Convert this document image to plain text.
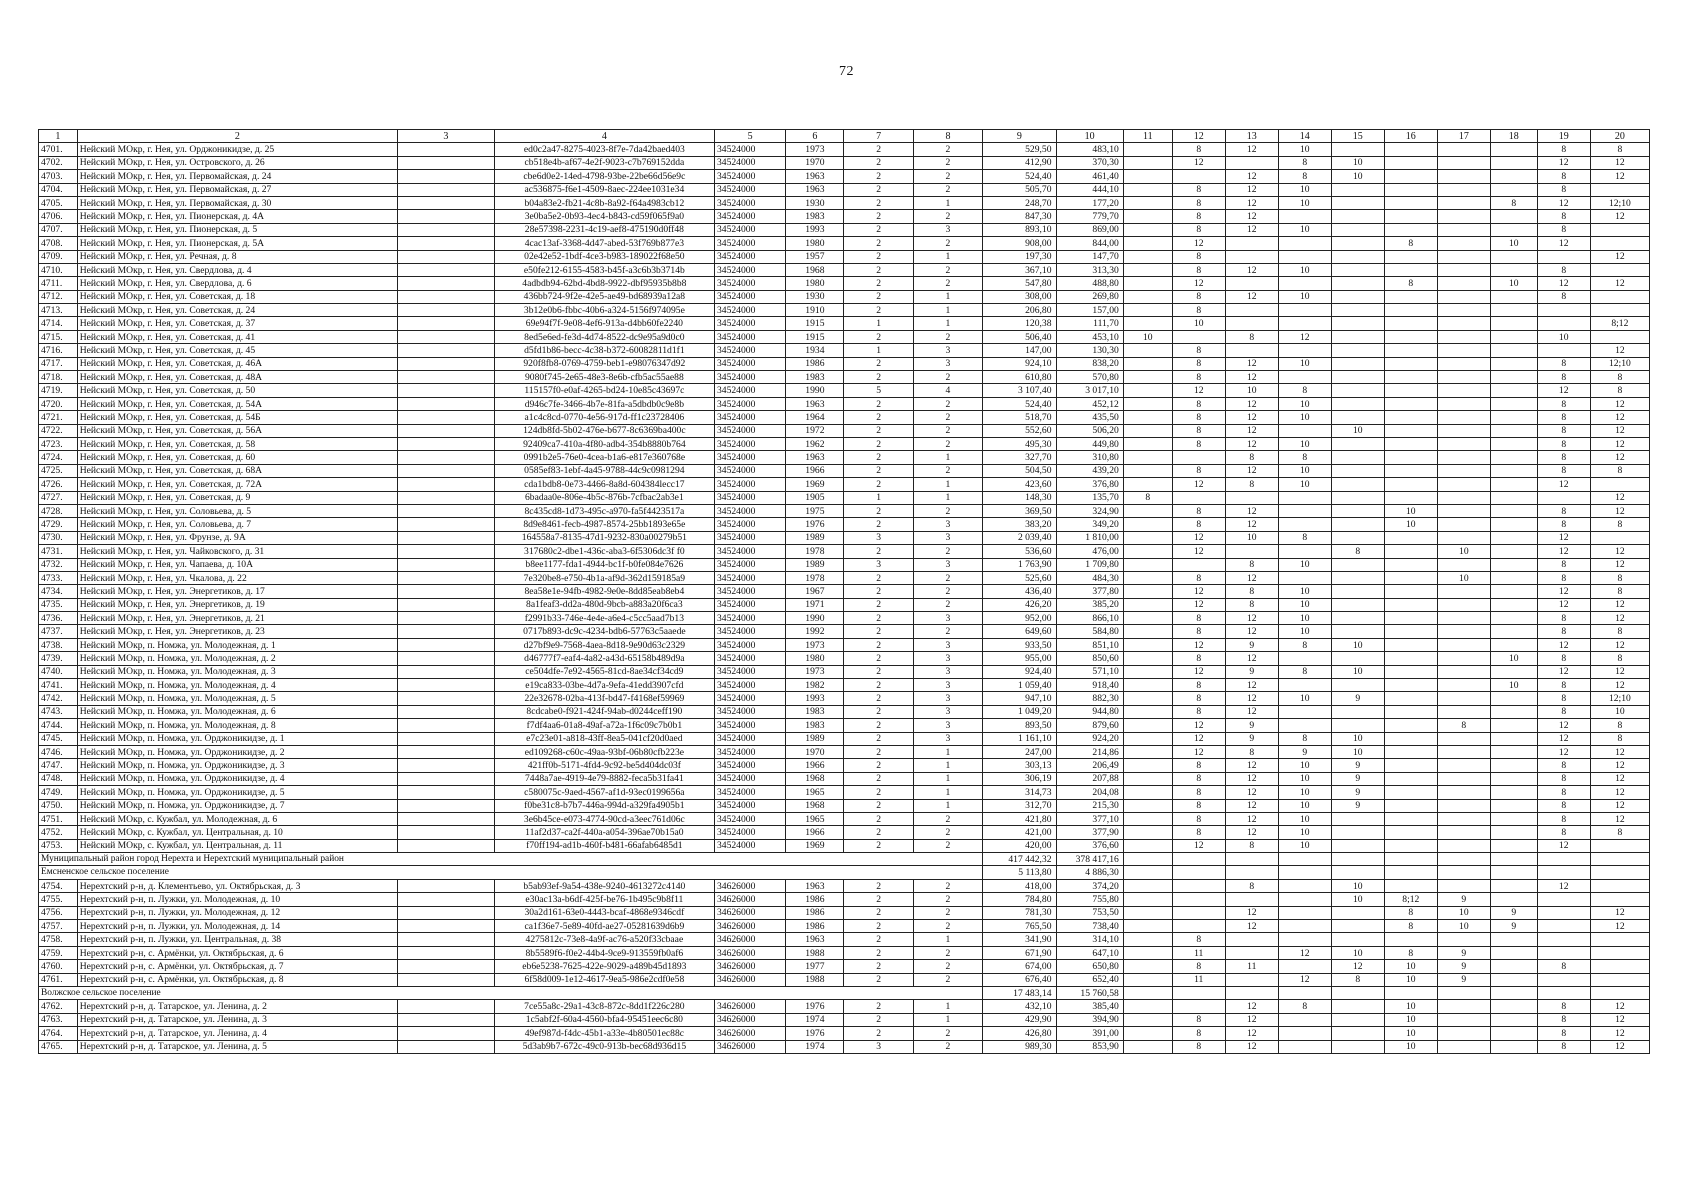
72
1	2	3	4	5	6	7	8	9	10	11	12	13	14	15	16	17	18	19	20
4701.	Нейский МОкр, г. Нея, ул. Орджоникидзе, д. 25		ed0c2a47-8275-4023-8f7e-7da42baed403	34524000	1973	2	2	529,50	483,10		8	12	10					8	8
4702.	Нейский МОкр, г. Нея, ул. Островского, д. 26		cb518e4b-af67-4e2f-9023-c7b769152dda	34524000	1970	2	2	412,90	370,30		12		8	10				12	12
4703.	Нейский МОкр, г. Нея, ул. Первомайская, д. 24		cbe6d0e2-14ed-4798-93be-22be66d56e9c	34524000	1963	2	2	524,40	461,40			12	8	10				8	12
4704.	Нейский МОкр, г. Нея, ул. Первомайская, д. 27		ac536875-f6e1-4509-8aec-224ee1031e34	34524000	1963	2	2	505,70	444,10		8	12	10					8	
4705.	Нейский МОкр, г. Нея, ул. Первомайская, д. 30		b04a83e2-fb21-4c8b-8a92-f64a4983cb12	34524000	1930	2	1	248,70	177,20		8	12	10				8	12	12;10
4706.	Нейский МОкр, г. Нея, ул. Пионерская, д. 4А		3e0ba5e2-0b93-4ec4-b843-cd59f065f9a0	34524000	1983	2	2	847,30	779,70		8	12						8	12
4707.	Нейский МОкр, г. Нея, ул. Пионерская, д. 5		28e57398-2231-4c19-aef8-475190d0ff48	34524000	1993	2	3	893,10	869,00		8	12	10					8	
4708.	Нейский МОкр, г. Нея, ул. Пионерская, д. 5А		4cac13af-3368-4d47-abed-53f769b877e3	34524000	1980	2	2	908,00	844,00		12				8		10	12	
4709.	Нейский МОкр, г. Нея, ул. Речная, д. 8		02e42e52-1bdf-4ce3-b983-189022f68e50	34524000	1957	2	1	197,30	147,70		8								12
4710.	Нейский МОкр, г. Нея, ул. Свердлова, д. 4		e50fe212-6155-4583-b45f-a3c6b3b3714b	34524000	1968	2	2	367,10	313,30		8	12	10					8	
4711.	Нейский МОкр, г. Нея, ул. Свердлова, д. 6		4adbdb94-62bd-4bd8-9922-dbf95935b8b8	34524000	1980	2	2	547,80	488,80		12				8		10	12	12
4712.	Нейский МОкр, г. Нея, ул. Советская, д. 18		436bb724-9f2e-42e5-ae49-bd68939a12a8	34524000	1930	2	1	308,00	269,80		8	12	10					8	
4713.	Нейский МОкр, г. Нея, ул. Советская, д. 24		3b12e0b6-fbbc-40b6-a324-5156f974095e	34524000	1910	2	1	206,80	157,00		8								
4714.	Нейский МОкр, г. Нея, ул. Советская, д. 37		69e94f7f-9e08-4ef6-913a-d4bb60fe2240	34524000	1915	1	1	120,38	111,70		10								8;12
4715.	Нейский МОкр, г. Нея, ул. Советская, д. 41		8ed5e6ed-fe3d-4d74-8522-dc9e95a9d0c0	34524000	1915	2	2	506,40	453,10	10		8	12					10	
4716.	Нейский МОкр, г. Нея, ул. Советская, д. 45		d5fd1b86-becc-4c38-b372-60082811d1f1	34524000	1934	1	3	147,00	130,30		8								12
4717.	Нейский МОкр, г. Нея, ул. Советская, д. 46А		920f8fb8-0769-4759-beb1-e98076347d92	34524000	1986	2	3	924,10	838,20		8	12	10					8	12;10
4718.	Нейский МОкр, г. Нея, ул. Советская, д. 48А		9080f745-2e65-48e3-8e6b-cfb5ac55ae88	34524000	1983	2	2	610,80	570,80		8	12						8	8
4719.	Нейский МОкр, г. Нея, ул. Советская, д. 50		115157f0-e0af-4265-bd24-10e85c43697c	34524000	1990	5	4	3 107,40	3 017,10		12	10	8					12	8
4720.	Нейский МОкр, г. Нея, ул. Советская, д. 54А		d946c7fe-3466-4b7e-81fa-a5dbdb0c9e8b	34524000	1963	2	2	524,40	452,12		8	12	10					8	12
4721.	Нейский МОкр, г. Нея, ул. Советская, д. 54Б		a1c4c8cd-0770-4e56-917d-ff1c23728406	34524000	1964	2	2	518,70	435,50		8	12	10					8	12
4722.	Нейский МОкр, г. Нея, ул. Советская, д. 56А		124db8fd-5b02-476e-b677-8c6369ba400c	34524000	1972	2	2	552,60	506,20		8	12		10				8	12
4723.	Нейский МОкр, г. Нея, ул. Советская, д. 58		92409ca7-410a-4f80-adb4-354b8880b764	34524000	1962	2	2	495,30	449,80		8	12	10					8	12
4724.	Нейский МОкр, г. Нея, ул. Советская, д. 60		0991b2e5-76e0-4cea-b1a6-e817e360768e	34524000	1963	2	1	327,70	310,80			8	8					8	12
4725.	Нейский МОкр, г. Нея, ул. Советская, д. 68А		0585ef83-1ebf-4a45-9788-44c9c0981294	34524000	1966	2	2	504,50	439,20		8	12	10					8	8
4726.	Нейский МОкр, г. Нея, ул. Советская, д. 72А		cda1bdb8-0e73-4466-8a8d-604384lecc17	34524000	1969	2	1	423,60	376,80		12	8	10					12	
4727.	Нейский МОкр, г. Нея, ул. Советская, д. 9		6badaa0e-806e-4b5c-876b-7cfbac2ab3e1	34524000	1905	1	1	148,30	135,70	8									12
4728.	Нейский МОкр, г. Нея, ул. Соловьева, д. 5		8c435cd8-1d73-495c-a970-fa5f4423517a	34524000	1975	2	2	369,50	324,90		8	12			10			8	12
4729.	Нейский МОкр, г. Нея, ул. Соловьева, д. 7		8d9e8461-fecb-4987-8574-25bb1893e65e	34524000	1976	2	3	383,20	349,20		8	12			10			8	8
4730.	Нейский МОкр, г. Нея, ул. Фрунзе, д. 9А		164558a7-8135-47d1-9232-830a00279b51	34524000	1989	3	3	2 039,40	1 810,00		12	10	8					12	
4731.	Нейский МОкр, г. Нея, ул. Чайковского, д. 31		317680c2-dbe1-436c-aba3-6f5306dc3f f0	34524000	1978	2	2	536,60	476,00		12			8		10		12	12
4732.	Нейский МОкр, г. Нея, ул. Чапаева, д. 10А		b8ee1177-fda1-4944-bc1f-b0fe084e7626	34524000	1989	3	3	1 763,90	1 709,80			8	10					8	12
4733.	Нейский МОкр, г. Нея, ул. Чкалова, д. 22		7e320be8-e750-4b1a-af9d-362d159185a9	34524000	1978	2	2	525,60	484,30		8	12				10		8	8
4734.	Нейский МОкр, г. Нея, ул. Энергетиков, д. 17		8ea58e1e-94fb-4982-9e0e-8dd85eab8eb4	34524000	1967	2	2	436,40	377,80		12	8	10					12	8
4735.	Нейский МОкр, г. Нея, ул. Энергетиков, д. 19		8a1feaf3-dd2a-480d-9bcb-a883a20f6ca3	34524000	1971	2	2	426,20	385,20		12	8	10					12	12
4736.	Нейский МОкр, г. Нея, ул. Энергетиков, д. 21		f2991b33-746e-4e4e-a6e4-c5cc5aad7b13	34524000	1990	2	3	952,00	866,10		8	12	10					8	12
4737.	Нейский МОкр, г. Нея, ул. Энергетиков, д. 23		0717b893-dc9c-4234-bdb6-57763c5aaede	34524000	1992	2	2	649,60	584,80		8	12	10					8	8
4738.	Нейский МОкр, п. Номжа, ул. Молодежная, д. 1		d27bf9e9-7568-4aea-8d18-9e90d63c2329	34524000	1973	2	3	933,50	851,10		12	9	8	10				12	12
4739.	Нейский МОкр, п. Номжа, ул. Молодежная, д. 2		d46777f7-eaf4-4a82-a43d-65158b489d9a	34524000	1980	2	3	955,00	850,60		8	12					10	8	8
4740.	Нейский МОкр, п. Номжа, ул. Молодежная, д. 3		ce504dfe-7e92-4565-81cd-8ae34cf34cd9	34524000	1973	2	3	924,40	571,10		12	9	8	10				12	12
4741.	Нейский МОкр, п. Номжа, ул. Молодежная, д. 4		e19ca833-03be-4d7a-9efa-41edd3907cfd	34524000	1982	2	3	1 059,40	918,40		8	12					10	8	12
4742.	Нейский МОкр, п. Номжа, ул. Молодежная, д. 5		22e32678-02ba-413f-bd47-f4168ef59969	34524000	1993	2	3	947,10	882,30		8	12	10	9				8	12;10
4743.	Нейский МОкр, п. Номжа, ул. Молодежная, д. 6		8cdcabe0-f921-424f-94ab-d0244ceff190	34524000	1983	2	3	1 049,20	944,80		8	12						8	10
4744.	Нейский МОкр, п. Номжа, ул. Молодежная, д. 8		f7df4aa6-01a8-49af-a72a-1f6c09c7b0b1	34524000	1983	2	3	893,50	879,60		12	9				8		12	8
4745.	Нейский МОкр, п. Номжа, ул. Орджоникидзе, д. 1		e7c23e01-a818-43ff-8ea5-041cf20d0aed	34524000	1989	2	3	1 161,10	924,20		12	9	8	10				12	8
4746.	Нейский МОкр, п. Номжа, ул. Орджоникидзе, д. 2		ed109268-c60c-49aa-93bf-06b80cfb223e	34524000	1970	2	1	247,00	214,86		12	8	9	10				12	12
4747.	Нейский МОкр, п. Номжа, ул. Орджоникидзе, д. 3		421ff0b-5171-4fd4-9c92-be5d404dc03f	34524000	1966	2	1	303,13	206,49		8	12	10	9				8	12
4748.	Нейский МОкр, п. Номжа, ул. Орджоникидзе, д. 4		7448a7ae-4919-4e79-8882-feca5b31fa41	34524000	1968	2	1	306,19	207,88		8	12	10	9				8	12
4749.	Нейский МОкр, п. Номжа, ул. Орджоникидзе, д. 5		c580075c-9aed-4567-af1d-93ec0199656a	34524000	1965	2	1	314,73	204,08		8	12	10	9				8	12
4750.	Нейский МОкр, п. Номжа, ул. Орджоникидзе, д. 7		f0be31c8-b7b7-446a-994d-a329fa4905b1	34524000	1968	2	1	312,70	215,30		8	12	10	9				8	12
4751.	Нейский МОкр, с. Кужбал, ул. Молодежная, д. 6		3e6b45ce-e073-4774-90cd-a3eec761d06c	34524000	1965	2	2	421,80	377,10		8	12	10					8	12
4752.	Нейский МОкр, с. Кужбал, ул. Центральная, д. 10		11af2d37-ca2f-440a-a054-396ae70b15a0	34524000	1966	2	2	421,00	377,90		8	12	10					8	8
4753.	Нейский МОкр, с. Кужбал, ул. Центральная, д. 11		f70ff194-ad1b-460f-b481-66afab6485d1	34524000	1969	2	2	420,00	376,60		12	8	10					12	
Муниципальный район город Нерехта и Нерехтский муниципальный район								417 442,32	378 417,16										
Емсненское сельское поселение								5 113,80	4 886,30										
4754.	Нерехтский р-н, д. Клементьево, ул. Октябрьская, д. 3		b5ab93ef-9a54-438e-9240-4613272c4140	34626000	1963	2	2	418,00	374,20			8		10				12	
4755.	Нерехтский р-н, п. Лужки, ул. Молодежная, д. 10		e30ac13a-b6df-425f-be76-1b495c9b8f11	34626000	1986	2	2	784,80	755,80					10	8;12	9			
4756.	Нерехтский р-н, п. Лужки, ул. Молодежная, д. 12		30a2d161-63e0-4443-bcaf-4868e9346cdf	34626000	1986	2	2	781,30	753,50			12			8	10	9		12
4757.	Нерехтский р-н, п. Лужки, ул. Молодежная, д. 14		ca1f36e7-5e89-40fd-ae27-05281639d6b9	34626000	1986	2	2	765,50	738,40			12			8	10	9		12
4758.	Нерехтский р-н, п. Лужки, ул. Центральная, д. 38		4275812c-73e8-4a9f-ac76-a520f33cbaae	34626000	1963	2	1	341,90	314,10		8								
4759.	Нерехтский р-н, с. Армёнки, ул. Октябрьская, д. 6		8b5589f6-f0e2-44b4-9ce9-913559fb0af6	34626000	1988	2	2	671,90	647,10		11		12	10	8	9			
4760.	Нерехтский р-н, с. Армёнки, ул. Октябрьская, д. 7		eb6e5238-7625-422e-9029-a489b45d1893	34626000	1977	2	2	674,00	650,80		8	11		12	10	9		8	
4761.	Нерехтский р-н, с. Армёнки, ул. Октябрьская, д. 8		6f58d009-1e12-4617-9ea5-986e2cdf0e58	34626000	1988	2	2	676,40	652,40		11		12	8	10	9			
Волжское сельское поселение								17 483,14	15 760,58										
4762.	Нерехтский р-н, д. Татарское, ул. Ленина, д. 2		7ce55a8c-29a1-43c8-872c-8dd1f226c280	34626000	1976	2	1	432,10	385,40			12	8		10			8	12
4763.	Нерехтский р-н, д. Татарское, ул. Ленина, д. 3		1c5abf2f-60a4-4560-bfa4-95451eec6c80	34626000	1974	2	1	429,90	394,90		8	12			10			8	12
4764.	Нерехтский р-н, д. Татарское, ул. Ленина, д. 4		49ef987d-f4dc-45b1-a33e-4b80501ec88c	34626000	1976	2	2	426,80	391,00		8	12			10			8	12
4765.	Нерехтский р-н, д. Татарское, ул. Ленина, д. 5		5d3ab9b7-672c-49c0-913b-bec68d936d15	34626000	1974	3	2	989,30	853,90		8	12			10			8	12
